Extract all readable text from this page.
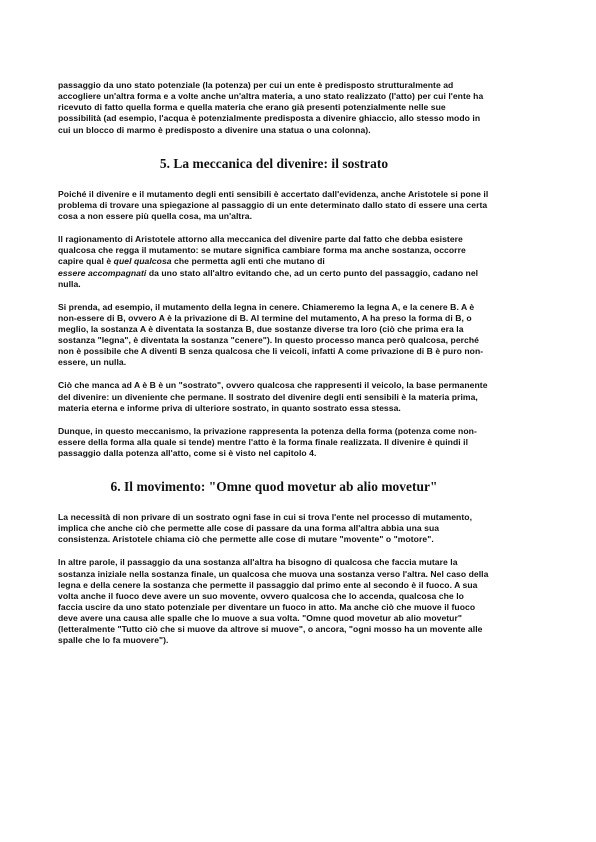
passaggio da uno stato potenziale (la potenza) per cui un ente è predisposto strutturalmente ad accogliere un'altra forma e a volte anche un'altra materia, a uno stato realizzato (l'atto) per cui l'ente ha ricevuto di fatto quella forma e quella materia che erano già presenti potenzialmente nelle sue possibilità (ad esempio, l'acqua è potenzialmente predisposta a divenire ghiaccio, allo stesso modo in cui un blocco di marmo è predisposto a divenire una statua o una colonna).

5. La meccanica del divenire: il sostrato

Poiché il divenire e il mutamento degli enti sensibili è accertato dall'evidenza, anche Aristotele si pone il problema di trovare una spiegazione al passaggio di un ente determinato dallo stato di essere una certa cosa a non essere più quella cosa, ma un'altra.

Il ragionamento di Aristotele attorno alla meccanica del divenire parte dal fatto che debba esistere qualcosa che regga il mutamento: se mutare significa cambiare forma ma anche sostanza, occorre capire qual è quel qualcosa che permetta agli enti che mutano di
essere accompagnati da uno stato all'altro evitando che, ad un certo punto del passaggio, cadano nel nulla.

Si prenda, ad esempio, il mutamento della legna in cenere. Chiameremo la legna A, e la cenere B. A è non-essere di B, ovvero A è la privazione di B. Al termine del mutamento, A ha preso la forma di B, o meglio, la sostanza A è diventata la sostanza B, due sostanze diverse tra loro (ciò che prima era la sostanza "legna", è diventata la sostanza "cenere"). In questo processo manca però qualcosa, perché non è possibile che A diventi B senza qualcosa che li veicoli, infatti A come privazione di B è puro non-essere, un nulla.

Ciò che manca ad A è B è un "sostrato", ovvero qualcosa che rappresenti il veicolo, la base permanente del divenire: un diveniente che permane. Il sostrato del divenire degli enti sensibili è la materia prima, materia eterna e informe priva di ulteriore sostrato, in quanto sostrato essa stessa.

Dunque, in questo meccanismo, la privazione rappresenta la potenza della forma (potenza come non-essere della forma alla quale si tende) mentre l'atto è la forma finale realizzata. Il divenire è quindi il passaggio dalla potenza all'atto, come si è visto nel capitolo 4.

6. Il movimento: "Omne quod movetur ab alio movetur"

La necessità di non privare di un sostrato ogni fase in cui si trova l'ente nel processo di mutamento, implica che anche ciò che permette alle cose di passare da una forma all'altra abbia una sua consistenza. Aristotele chiama ciò che permette alle cose di mutare "movente" o "motore".

In altre parole, il passaggio da una sostanza all'altra ha bisogno di qualcosa che faccia mutare la sostanza iniziale nella sostanza finale, un qualcosa che muova una sostanza verso l'altra. Nel caso della legna e della cenere la sostanza che permette il passaggio dal primo ente al secondo è il fuoco. A sua volta anche il fuoco deve avere un suo movente, ovvero qualcosa che lo accenda, qualcosa che lo faccia uscire da uno stato potenziale per diventare un fuoco in atto. Ma anche ciò che muove il fuoco deve avere una causa alle spalle che lo muove a sua volta. "Omne quod movetur ab alio movetur" (letteralmente "Tutto ciò che si muove da altrove si muove", o ancora, "ogni mosso ha un movente alle spalle che lo fa muovere").
